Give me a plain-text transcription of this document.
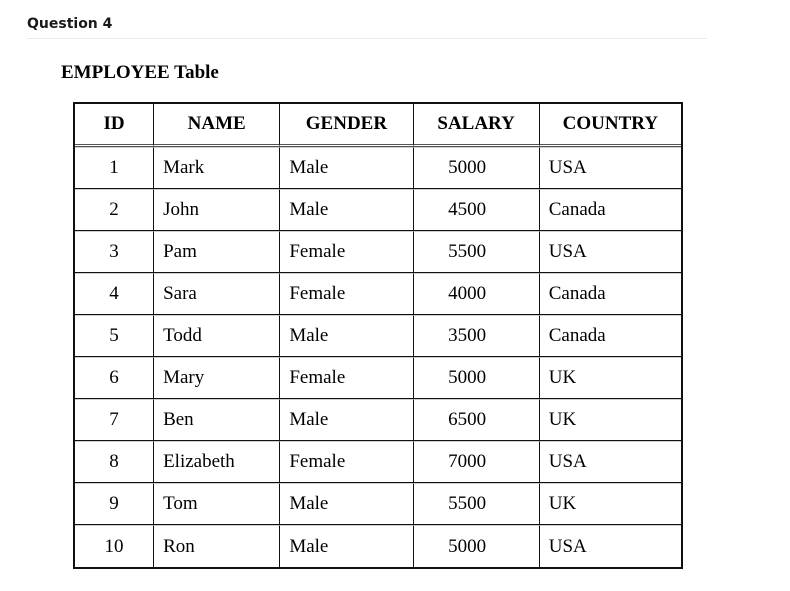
Question 4
EMPLOYEE Table
ID	NAME	GENDER	SALARY	COUNTRY
1	Mark	Male	5000	USA
2	John	Male	4500	Canada
3	Pam	Female	5500	USA
4	Sara	Female	4000	Canada
5	Todd	Male	3500	Canada
6	Mary	Female	5000	UK
7	Ben	Male	6500	UK
8	Elizabeth	Female	7000	USA
9	Tom	Male	5500	UK
10	Ron	Male	5000	USA
